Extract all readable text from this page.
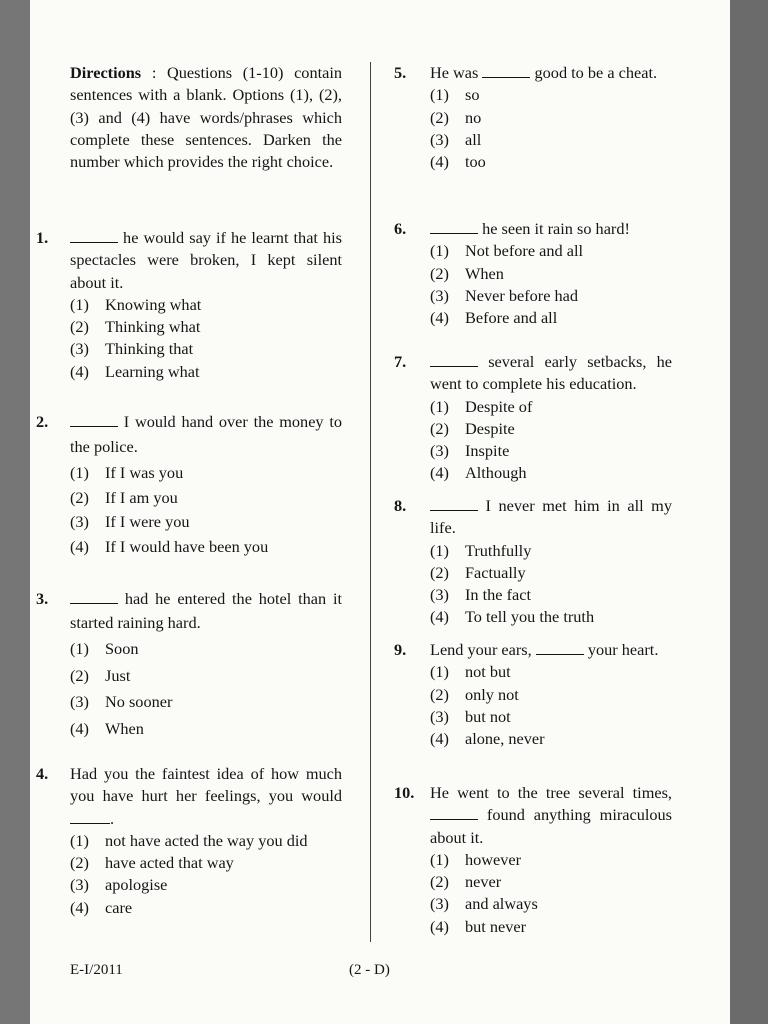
Directions : Questions (1-10) contain sentences with a blank. Options (1), (2), (3) and (4) have words/phrases which complete these sentences. Darken the number which provides the right choice.
1.	he would say if he learnt that his spectacles were broken, I kept silent about it.
(1) Knowing what
(2) Thinking what
(3) Thinking that
(4) Learning what
2.	I would hand over the money to the police.
(1) If I was you
(2) If I am you
(3) If I were you
(4) If I would have been you
3.	had he entered the hotel than it started raining hard.
(1) Soon
(2) Just
(3) No sooner
(4) When
4. Had you the faintest idea of how much you have hurt her feelings, you would .
(1) not have acted the way you did
(2) have acted that way
(3) apologise
(4) care
5. He was	good to be a cheat.
(1) so
(2) no
(3) all
(4) too
6.	he seen it rain so hard!
(1) Not before and all
(2) When
(3) Never before had
(4) Before and all
7.	several early setbacks, he went to complete his education.
(1) Despite of
(2) Despite
(3) Inspite
(4) Although
8.	I never met him in all my life.
(1) Truthfully
(2) Factually
(3) In the fact
(4) To tell you the truth
9. Lend your ears,	your heart.
(1) not but
(2) only not
(3) but not
(4) alone, never
10. He went to the tree several times,  found anything miraculous about it.
(1) however
(2) never
(3) and always
(4) but never
E-I/2011	(2 - D)
